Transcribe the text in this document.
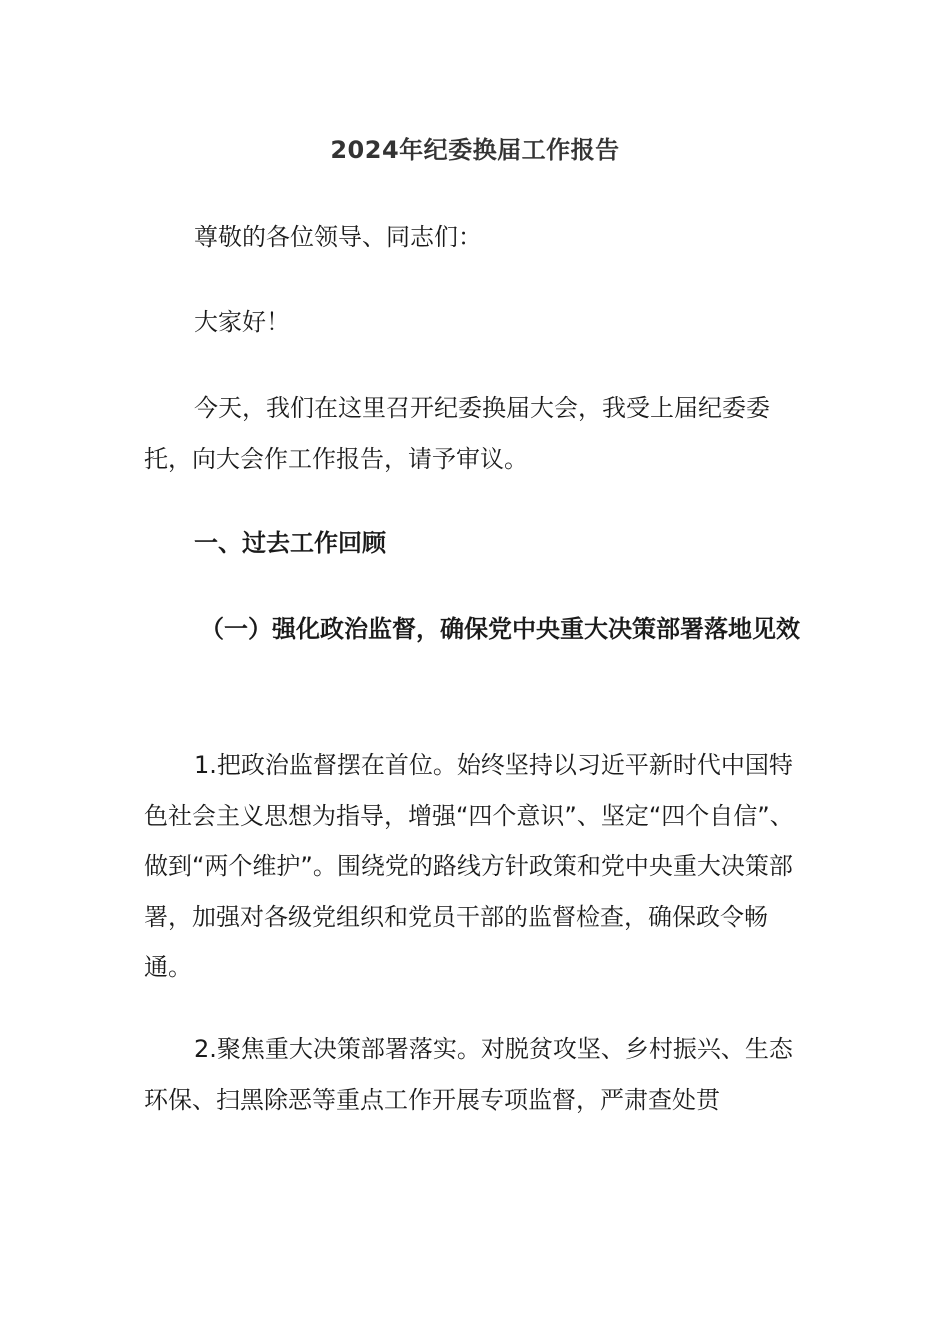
2024年纪委换届工作报告

尊敬的各位领导、同志们：

大家好！

今天，我们在这里召开纪委换届大会，我受上届纪委委托，向大会作工作报告，请予审议。

一、过去工作回顾

（一）强化政治监督，确保党中央重大决策部署落地见效

1.把政治监督摆在首位。始终坚持以习近平新时代中国特色社会主义思想为指导，增强“四个意识”、坚定“四个自信”、做到“两个维护”。围绕党的路线方针政策和党中央重大决策部署，加强对各级党组织和党员干部的监督检查，确保政令畅通。

2.聚焦重大决策部署落实。对脱贫攻坚、乡村振兴、生态环保、扫黑除恶等重点工作开展专项监督，严肃查处贯
